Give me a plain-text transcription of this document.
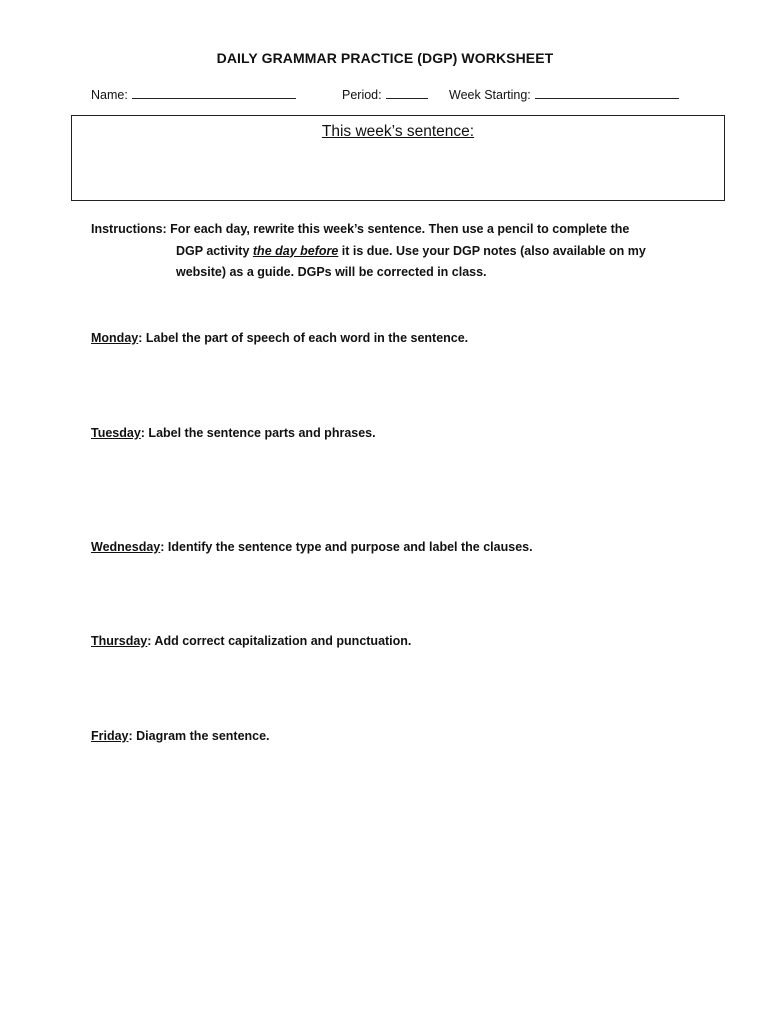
DAILY GRAMMAR PRACTICE (DGP) WORKSHEET
Name:	Period:	Week Starting:
This week’s sentence:
Instructions: For each day, rewrite this week’s sentence. Then use a pencil to complete the
DGP activity the day before it is due. Use your DGP notes (also available on my
website) as a guide. DGPs will be corrected in class.
Monday: Label the part of speech of each word in the sentence.
Tuesday: Label the sentence parts and phrases.
Wednesday: Identify the sentence type and purpose and label the clauses.
Thursday: Add correct capitalization and punctuation.
Friday: Diagram the sentence.
